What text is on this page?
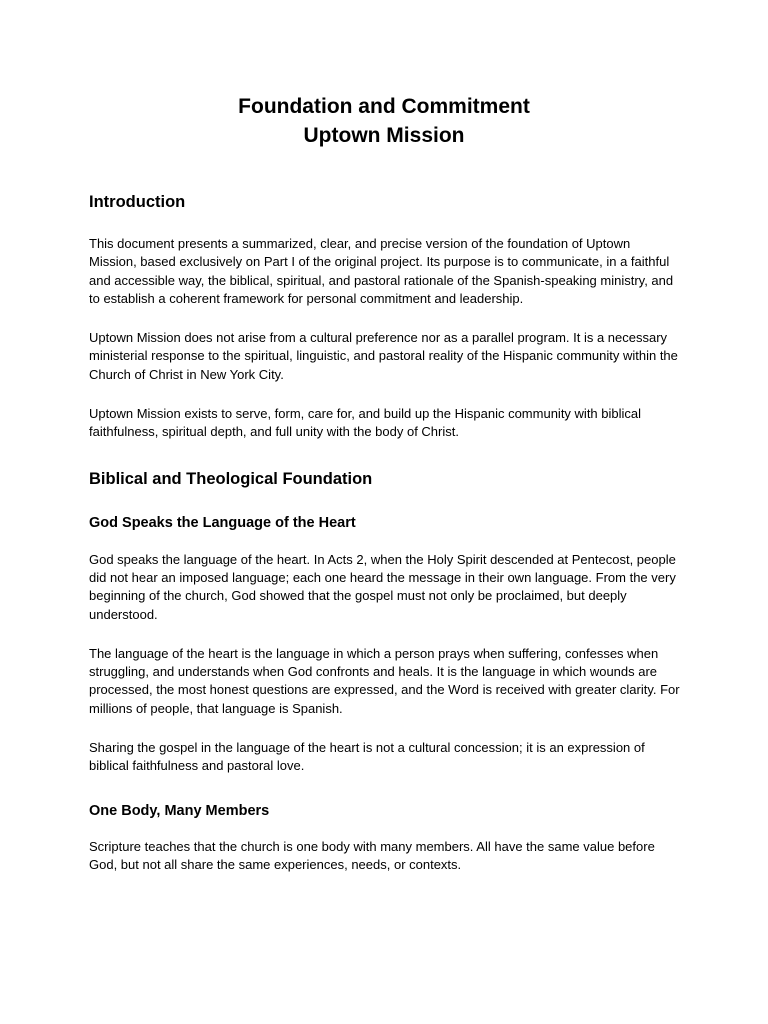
Foundation and Commitment

Uptown Mission

Introduction

This document presents a summarized, clear, and precise version of the foundation of Uptown Mission, based exclusively on Part I of the original project. Its purpose is to communicate, in a faithful and accessible way, the biblical, spiritual, and pastoral rationale of the Spanish-speaking ministry, and to establish a coherent framework for personal commitment and leadership.

Uptown Mission does not arise from a cultural preference nor as a parallel program. It is a necessary ministerial response to the spiritual, linguistic, and pastoral reality of the Hispanic community within the Church of Christ in New York City.

Uptown Mission exists to serve, form, care for, and build up the Hispanic community with biblical faithfulness, spiritual depth, and full unity with the body of Christ.

Biblical and Theological Foundation
God Speaks the Language of the Heart

God speaks the language of the heart. In Acts 2, when the Holy Spirit descended at Pentecost, people did not hear an imposed language; each one heard the message in their own language. From the very beginning of the church, God showed that the gospel must not only be proclaimed, but deeply understood.

The language of the heart is the language in which a person prays when suffering, confesses when struggling, and understands when God confronts and heals. It is the language in which wounds are processed, the most honest questions are expressed, and the Word is received with greater clarity. For millions of people, that language is Spanish.

Sharing the gospel in the language of the heart is not a cultural concession; it is an expression of biblical faithfulness and pastoral love.

One Body, Many Members

Scripture teaches that the church is one body with many members. All have the same value before God, but not all share the same experiences, needs, or contexts.
